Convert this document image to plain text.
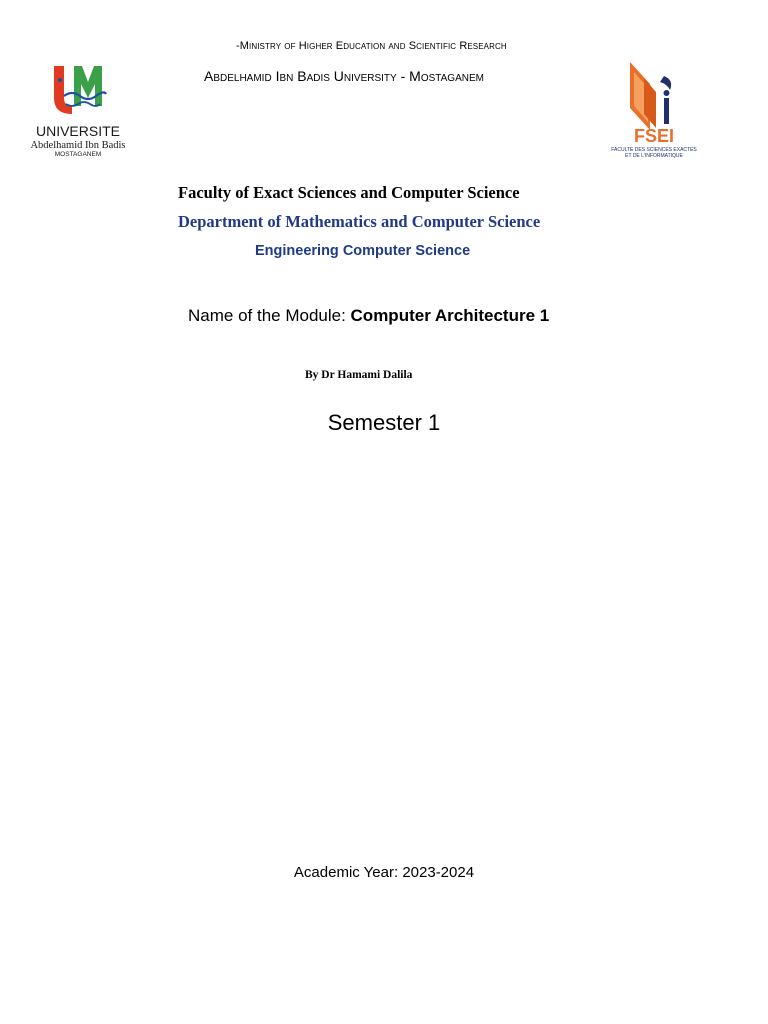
-Ministry of Higher Education and Scientific Research
Abdelhamid Ibn Badis University - Mostaganem
UNIVERSITE
Abdelhamid Ibn Badis
MOSTAGANEM
FSEI
FACULTE DES SCIENCES EXACTES
ET DE L'INFORMATIQUE
Faculty of Exact Sciences and Computer Science
Department of Mathematics and Computer Science
Engineering Computer Science
Name of the Module: Computer Architecture 1
By Dr Hamami Dalila
Semester 1
Academic Year: 2023-2024
